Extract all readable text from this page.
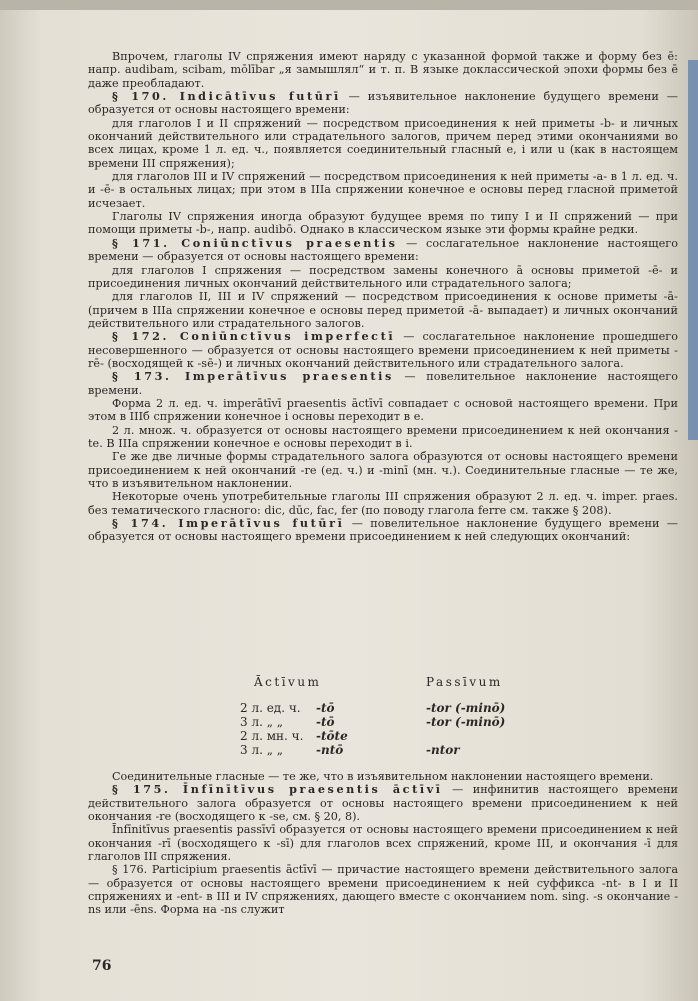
Впрочем, глаголы IV спряжения имеют наряду с указанной формой также и форму без ē: напр. audibam, scibam, mōlībar „я замышлял“ и т. п. В языке доклассической эпохи формы без ē даже преобладают.

§ 170. Indicātīvus futūrī — изъявительное наклонение будущего времени — образуется от основы настоящего времени:

для глаголов I и II спряжений — посредством присоединения к ней приметы -b- и личных окончаний действительного или страдательного залогов, причем перед этими окончаниями во всех лицах, кроме 1 л. ед. ч., появляется соединительный гласный e, i или u (как в настоящем времени III спряжения);

для глаголов III и IV спряжений — посредством присоединения к ней приметы -a- в 1 л. ед. ч. и -ē- в остальных лицах; при этом в IIIa спряжении конечное e основы перед гласной приметой исчезает.

Глаголы IV спряжения иногда образуют будущее время по типу I и II спряжений — при помощи приметы -b-, напр. audibō. Однако в классическом языке эти формы крайне редки.

§ 171. Coniūnctīvus praesentis — сослагательное наклонение настоящего времени — образуется от основы настоящего времени:

для глаголов I спряжения — посредством замены конечного ā основы приметой -ē- и присоединения личных окончаний действительного или страдательного залога;

для глаголов II, III и IV спряжений — посредством присоединения к основе приметы -ā- (причем в IIIa спряжении конечное e основы перед приметой -ā- выпадает) и личных окончаний действительного или страдательного залогов.

§ 172. Coniūnctīvus imperfectī — сослагательное наклонение прошедшего несовершенного — образуется от основы настоящего времени присоединением к ней приметы -rē- (восходящей к -sē-) и личных окончаний действительного или страдательного залога.

§ 173. Imperātīvus praesentis — повелительное наклонение настоящего времени.

Форма 2 л. ед. ч. imperātīvī praesentis āctīvī совпадает с основой настоящего времени. При этом в IIIб спряжении конечное i основы переходит в e.

2 л. множ. ч. образуется от основы настоящего времени присоединением к ней окончания -te. В IIIa спряжении конечное e основы переходит в i.

Ге же две личные формы страдательного залога образуются от основы настоящего времени присоединением к ней окончаний -re (ед. ч.) и -minī (мн. ч.). Соединительные гласные — те же, что в изъявительном наклонении.

Некоторые очень употребительные глаголы III спряжения образуют 2 л. ед. ч. imper. praes. без тематического гласного: dic, dūc, fac, fer (по поводу глагола ferre см. также § 208).

§ 174. Imperātīvus futūrī — повелительное наклонение будущего времени — образуется от основы настоящего времени присоединением к ней следующих окончаний:

Āctīvum	Passīvum
2 л. ед. ч. -tō	-tor (-minō)
3 л. „ „	-tō	-tor (-minō)
2 л. мн. ч. -tōte
3 л. „ „	-ntō	-ntor

Соединительные гласные — те же, что в изъявительном наклонении настоящего времени.

§ 175. Īnfīnītīvus praesentis āctīvī — инфинитив настоящего времени действительного залога образуется от основы настоящего времени присоединением к ней окончания -re (восходящего к -se, см. § 20, 8).

Īnfīnitīvus praesentis passīvī образуется от основы настоящего времени присоединением к ней окончания -rī (восходящего к -sī) для глаголов всех спряжений, кроме III, и окончания -ī для глаголов III спряжения.

§ 176. Participium praesentis āctīvī — причастие настоящего времени действительного залога — образуется от основы настоящего времени присоединением к ней суффикса -nt- в I и II спряжениях и -ent- в III и IV спряжениях, дающего вместе с окончанием nom. sing. -s окончание -ns или -ēns. Форма на -ns служит

76
